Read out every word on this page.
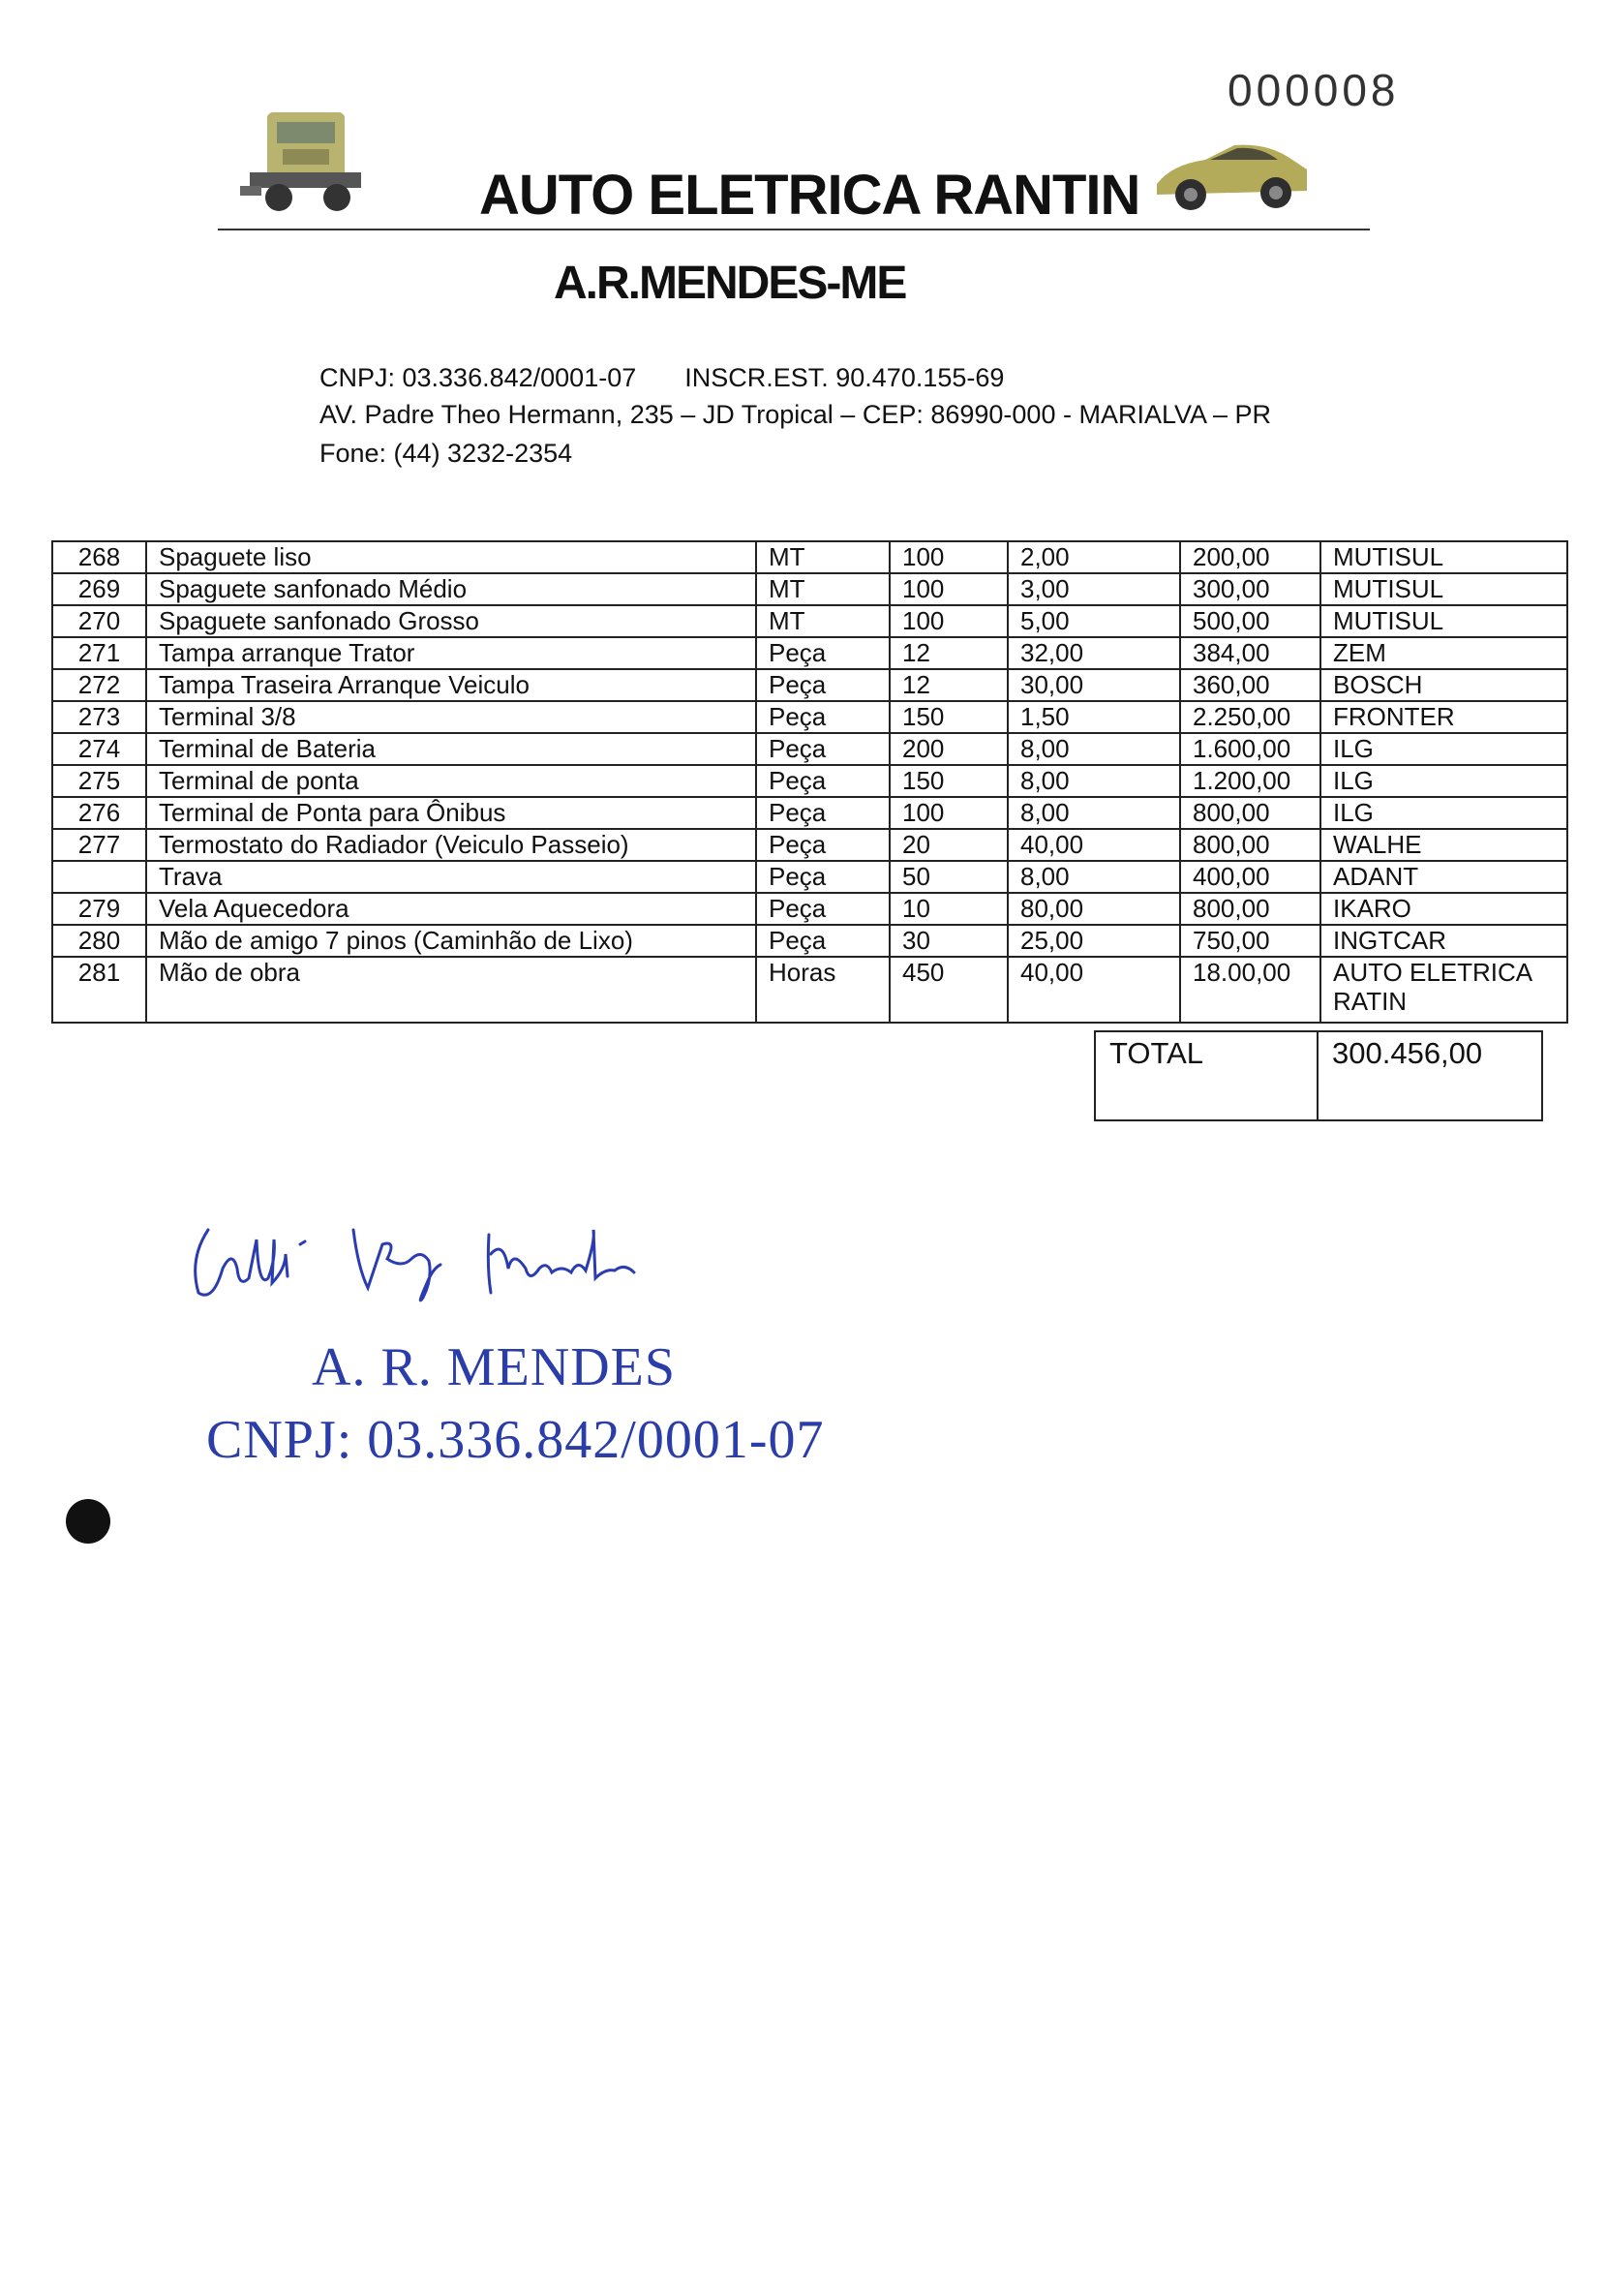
000008
AUTO ELETRICA RANTIN
A.R.MENDES-ME
CNPJ: 03.336.842/0001-07 INSCR.EST. 90.470.155-69
AV. Padre Theo Hermann, 235 – JD Tropical – CEP: 86990-000 - MARIALVA – PR
Fone: (44) 3232-2354
268	Spaguete liso	MT	100	2,00	200,00	MUTISUL
269	Spaguete sanfonado Médio	MT	100	3,00	300,00	MUTISUL
270	Spaguete sanfonado Grosso	MT	100	5,00	500,00	MUTISUL
271	Tampa arranque Trator	Peça	12	32,00	384,00	ZEM
272	Tampa Traseira Arranque Veiculo	Peça	12	30,00	360,00	BOSCH
273	Terminal 3/8	Peça	150	1,50	2.250,00	FRONTER
274	Terminal de Bateria	Peça	200	8,00	1.600,00	ILG
275	Terminal de ponta	Peça	150	8,00	1.200,00	ILG
276	Terminal de Ponta para Ônibus	Peça	100	8,00	800,00	ILG
277	Termostato do Radiador (Veiculo Passeio)	Peça	20	40,00	800,00	WALHE
	Trava	Peça	50	8,00	400,00	ADANT
279	Vela Aquecedora	Peça	10	80,00	800,00	IKARO
280	Mão de amigo 7 pinos (Caminhão de Lixo)	Peça	30	25,00	750,00	INGTCAR
281	Mão de obra	Horas	450	40,00	18.00,00	AUTO ELETRICA RATIN
TOTAL	300.456,00
A. R. MENDES
CNPJ: 03.336.842/0001-07
